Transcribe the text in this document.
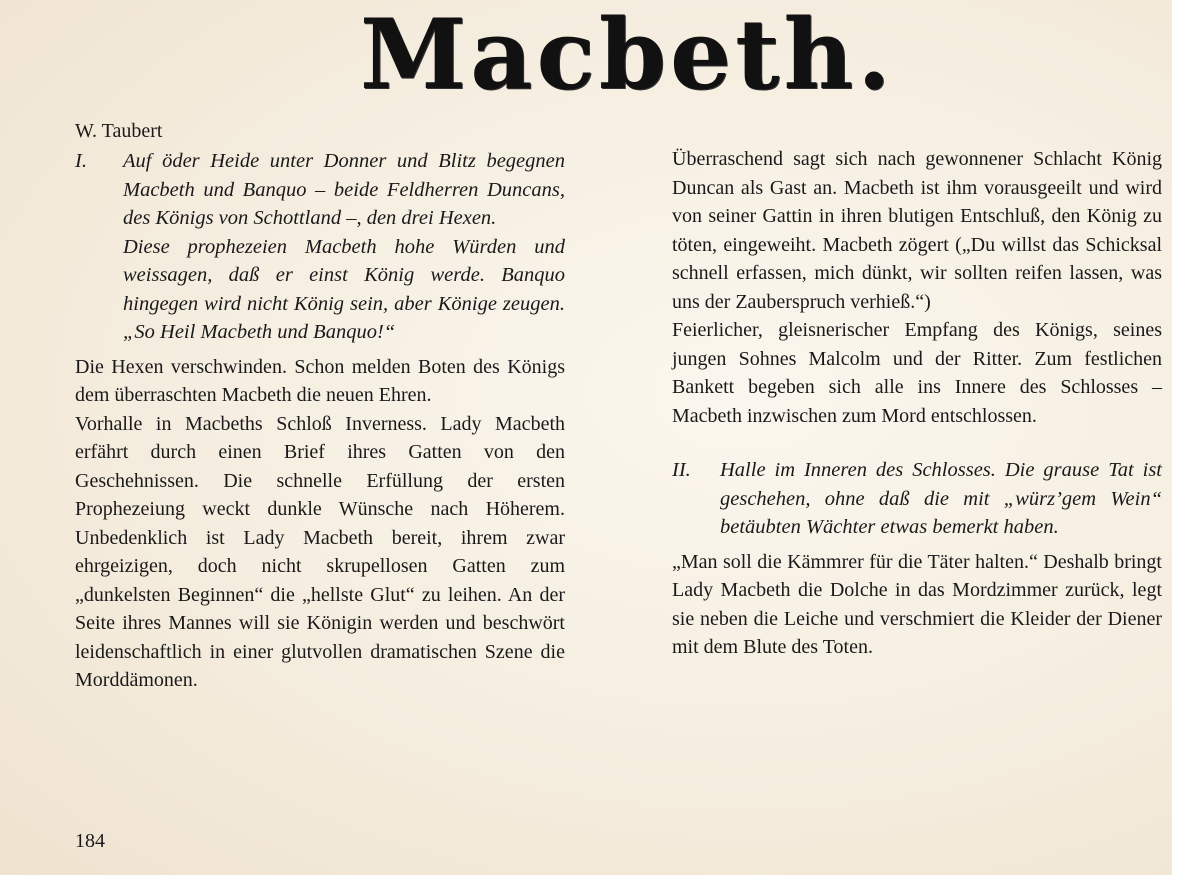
Macbeth.
W. Taubert
I. Auf öder Heide unter Donner und Blitz begegnen Macbeth und Banquo – beide Feldherren Duncans, des Königs von Schottland –, den drei Hexen.

Diese prophezeien Macbeth hohe Würden und weissagen, daß er einst König werde. Banquo hingegen wird nicht König sein, aber Könige zeugen. „So Heil Macbeth und Banquo!“

Die Hexen verschwinden. Schon melden Boten des Königs dem überraschten Macbeth die neuen Ehren.

Vorhalle in Macbeths Schloß Inverness. Lady Macbeth erfährt durch einen Brief ihres Gatten von den Geschehnissen. Die schnelle Erfüllung der ersten Prophezeiung weckt dunkle Wünsche nach Höherem. Unbedenklich ist Lady Macbeth bereit, ihrem zwar ehrgeizigen, doch nicht skrupellosen Gatten zum „dunkelsten Beginnen“ die „hellste Glut“ zu leihen. An der Seite ihres Mannes will sie Königin werden und beschwört leidenschaftlich in einer glutvollen dramatischen Szene die Morddämonen.

Überraschend sagt sich nach gewonnener Schlacht König Duncan als Gast an. Macbeth ist ihm vorausgeeilt und wird von seiner Gattin in ihren blutigen Entschluß, den König zu töten, eingeweiht. Macbeth zögert („Du willst das Schicksal schnell erfassen, mich dünkt, wir sollten reifen lassen, was uns der Zauberspruch verhieß.“)

Feierlicher, gleisnerischer Empfang des Königs, seines jungen Sohnes Malcolm und der Ritter. Zum festlichen Bankett begeben sich alle ins Innere des Schlosses – Macbeth inzwischen zum Mord entschlossen.

II. Halle im Inneren des Schlosses. Die grause Tat ist geschehen, ohne daß die mit „würz’gem Wein“ betäubten Wächter etwas bemerkt haben.

„Man soll die Kämmrer für die Täter halten.“ Deshalb bringt Lady Macbeth die Dolche in das Mordzimmer zurück, legt sie neben die Leiche und verschmiert die Kleider der Diener mit dem Blute des Toten.

184
